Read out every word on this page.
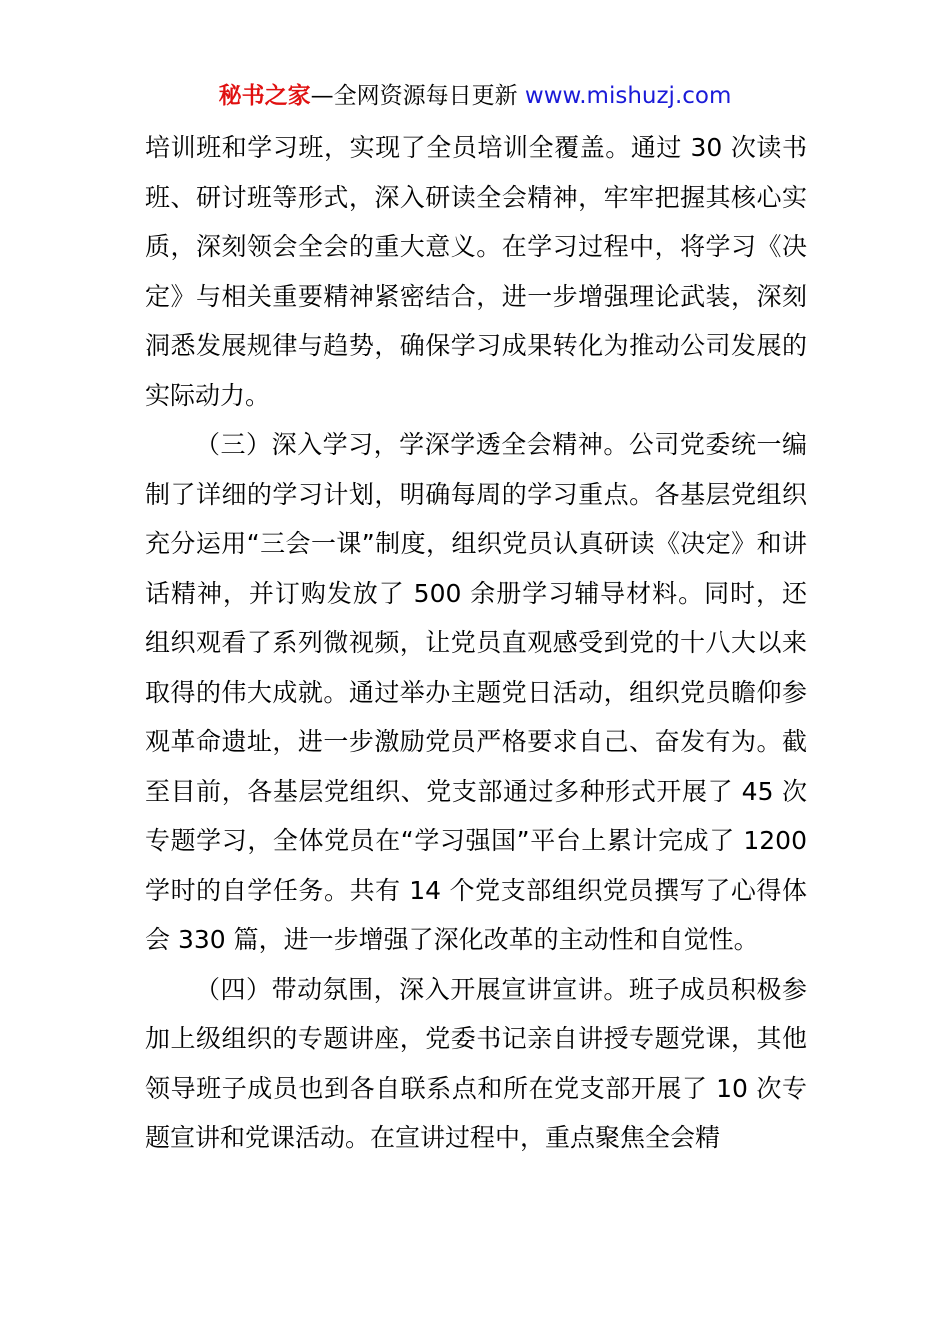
秘书之家—全网资源每日更新 www.mishuzj.com

培训班和学习班，实现了全员培训全覆盖。通过 30 次读书班、研讨班等形式，深入研读全会精神，牢牢把握其核心实质，深刻领会全会的重大意义。在学习过程中，将学习《决定》与相关重要精神紧密结合，进一步增强理论武装，深刻洞悉发展规律与趋势，确保学习成果转化为推动公司发展的实际动力。

（三）深入学习，学深学透全会精神。公司党委统一编制了详细的学习计划，明确每周的学习重点。各基层党组织充分运用“三会一课”制度，组织党员认真研读《决定》和讲话精神，并订购发放了 500 余册学习辅导材料。同时，还组织观看了系列微视频，让党员直观感受到党的十八大以来取得的伟大成就。通过举办主题党日活动，组织党员瞻仰参观革命遗址，进一步激励党员严格要求自己、奋发有为。截至目前，各基层党组织、党支部通过多种形式开展了 45 次专题学习，全体党员在“学习强国”平台上累计完成了 1200 学时的自学任务。共有 14 个党支部组织党员撰写了心得体会 330 篇，进一步增强了深化改革的主动性和自觉性。

（四）带动氛围，深入开展宣讲宣讲。班子成员积极参加上级组织的专题讲座，党委书记亲自讲授专题党课，其他领导班子成员也到各自联系点和所在党支部开展了 10 次专题宣讲和党课活动。在宣讲过程中，重点聚焦全会精
